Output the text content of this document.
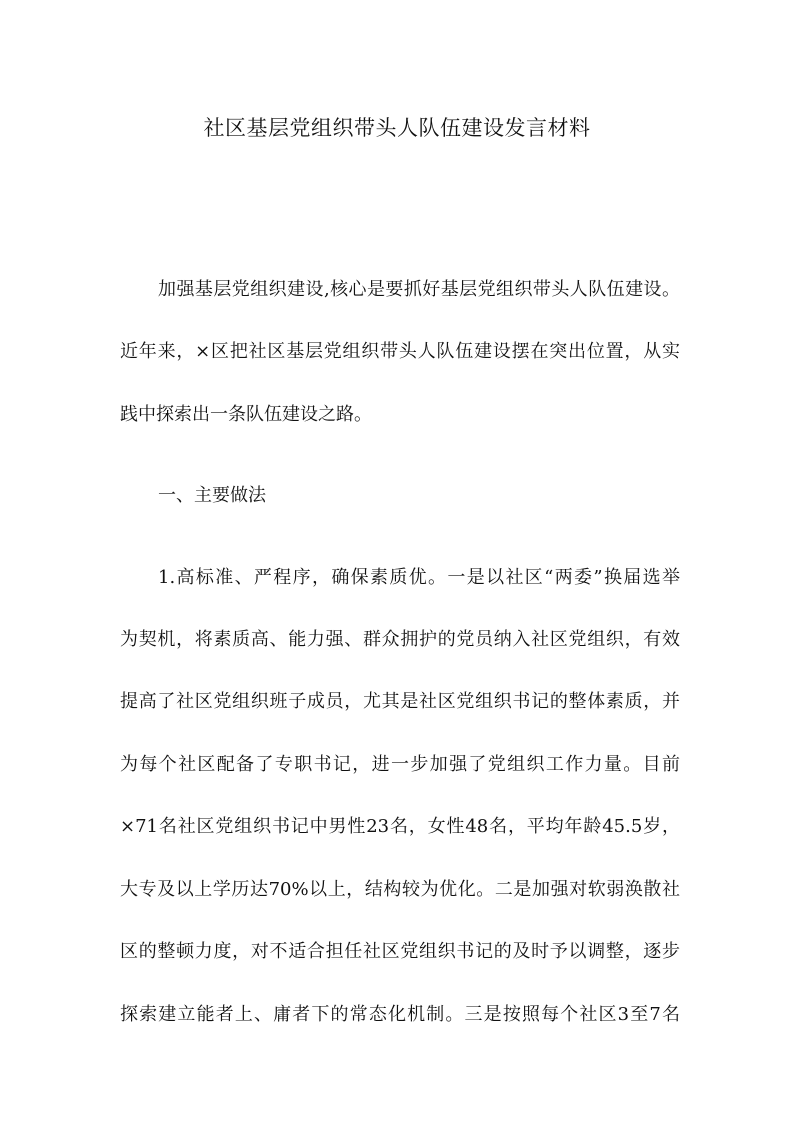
社区基层党组织带头人队伍建设发言材料
加强基层党组织建设,核心是要抓好基层党组织带头人队伍建设。
近年来，×区把社区基层党组织带头人队伍建设摆在突出位置，从实
践中探索出一条队伍建设之路。
一、主要做法
1.高标准、严程序，确保素质优。一是以社区“两委”换届选举
为契机，将素质高、能力强、群众拥护的党员纳入社区党组织，有效
提高了社区党组织班子成员，尤其是社区党组织书记的整体素质，并
为每个社区配备了专职书记，进一步加强了党组织工作力量。目前
×71名社区党组织书记中男性23名，女性48名，平均年龄45.5岁，
大专及以上学历达70%以上，结构较为优化。二是加强对软弱涣散社
区的整顿力度，对不适合担任社区党组织书记的及时予以调整，逐步
探索建立能者上、庸者下的常态化机制。三是按照每个社区3至7名
